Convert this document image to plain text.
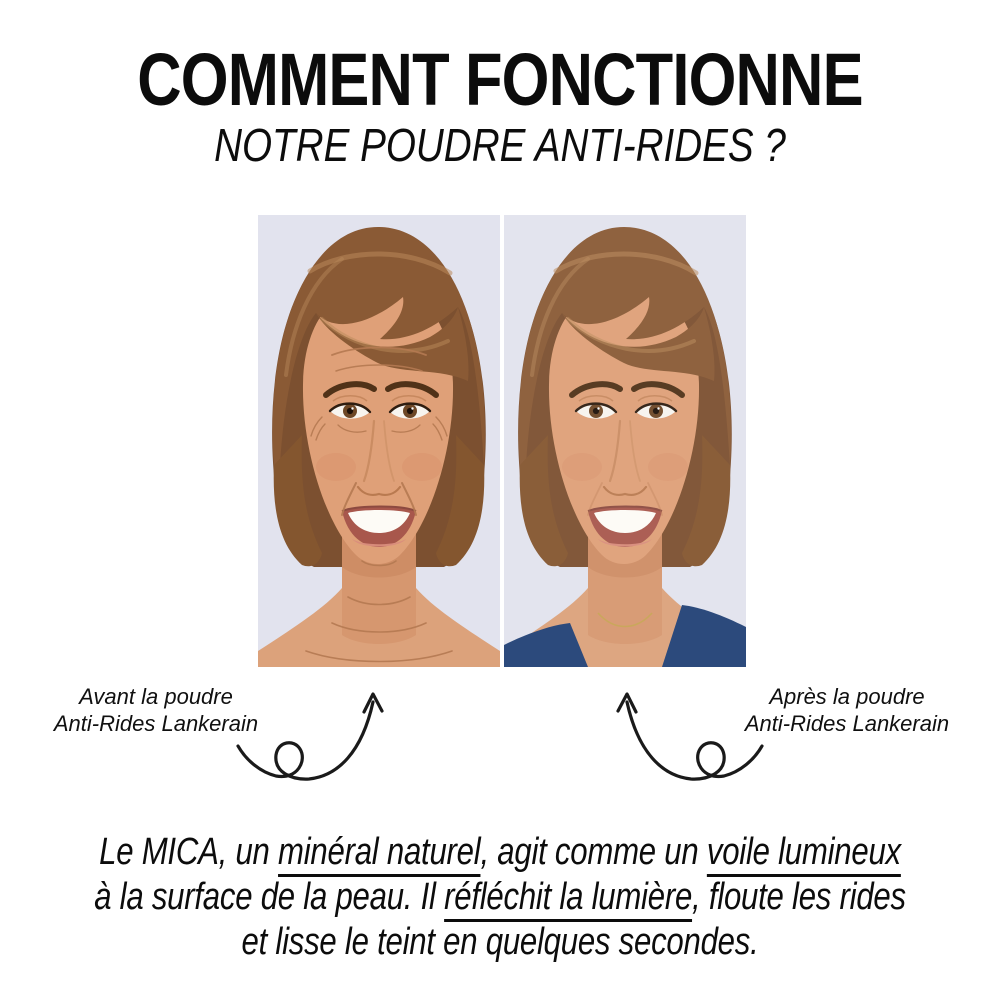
COMMENT FONCTIONNE
NOTRE POUDRE ANTI-RIDES ?
Avant la poudre
Anti-Rides Lankerain
Après la poudre
Anti-Rides Lankerain
Le MICA, un minéral naturel, agit comme un voile lumineux
à la surface de la peau. Il réfléchit la lumière, floute les rides
et lisse le teint en quelques secondes.
